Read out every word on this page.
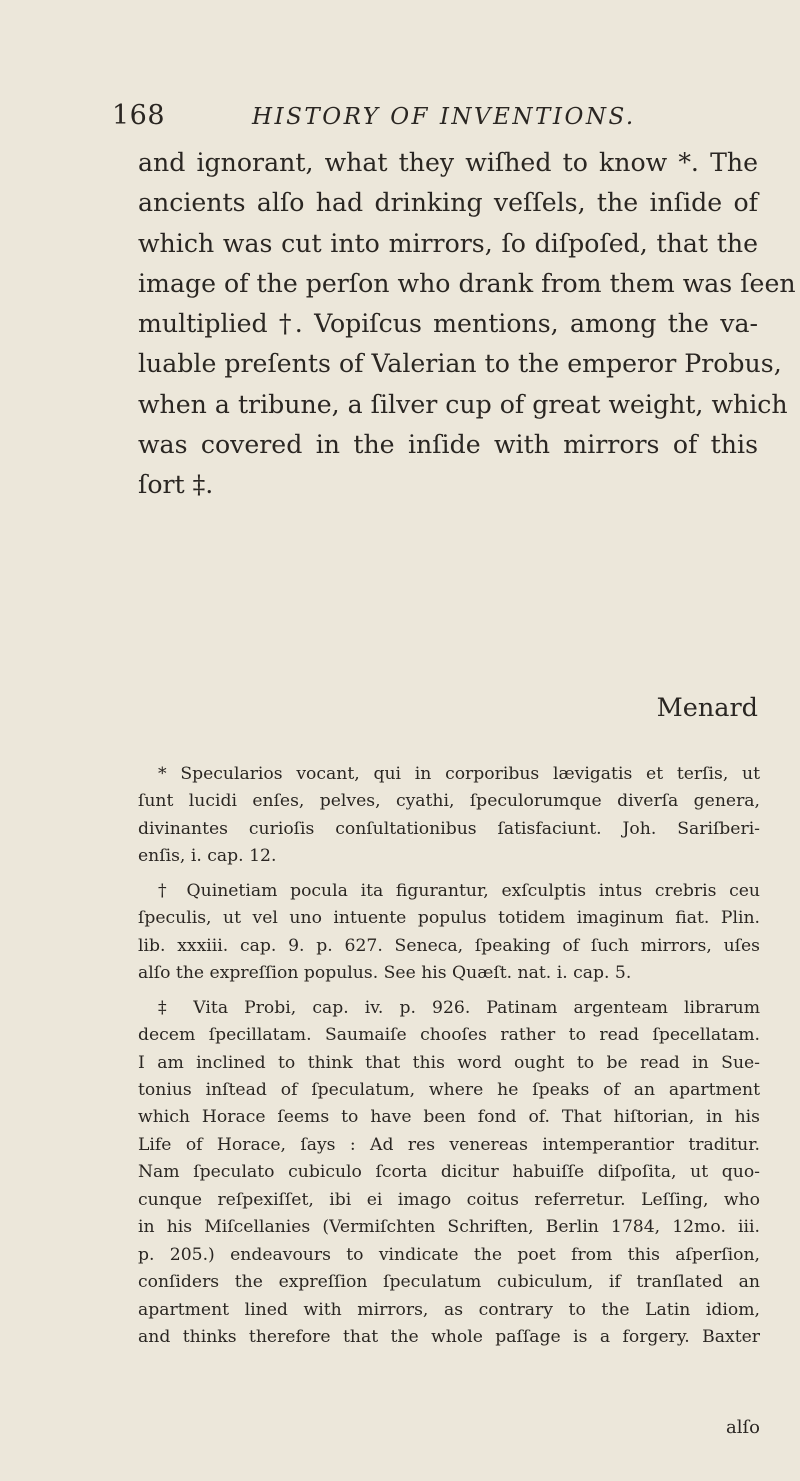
168	HISTORY OF INVENTIONS.
and ignorant, what they wiſhed to know *. The
ancients alſo had drinking veſſels, the inſide of
which was cut into mirrors, ſo diſpoſed, that the
image of the perſon who drank from them was ſeen
multiplied †. Vopiſcus mentions, among the va-
luable preſents of Valerian to the emperor Probus,
when a tribune, a ſilver cup of great weight, which
was covered in the inſide with mirrors of this
ſort ‡.
Menard
* Specularios vocant, qui in corporibus lævigatis et terſis, ut
ſunt lucidi enſes, pelves, cyathi, ſpeculorumque diverſa genera,
divinantes curioſis conſultationibus ſatisfaciunt. Joh. Sariſberi-
enſis, i. cap. 12.
† Quinetiam pocula ita figurantur, exſculptis intus crebris ceu
ſpeculis, ut vel uno intuente populus totidem imaginum fiat. Plin.
lib. xxxiii. cap. 9. p. 627. Seneca, ſpeaking of ſuch mirrors, uſes
alſo the expreſſion populus. See his Quæſt. nat. i. cap. 5.
‡ Vita Probi, cap. iv. p. 926. Patinam argenteam librarum
decem ſpecillatam. Saumaiſe chooſes rather to read ſpecellatam.
I am inclined to think that this word ought to be read in Sue-
tonius inſtead of ſpeculatum, where he ſpeaks of an apartment
which Horace ſeems to have been fond of. That hiſtorian, in his
Life of Horace, ſays : Ad res venereas intemperantior traditur.
Nam ſpeculato cubiculo ſcorta dicitur habuiſſe diſpoſita, ut quo-
cunque reſpexiſſet, ibi ei imago coitus referretur. Leſſing, who
in his Miſcellanies (Vermiſchten Schriften, Berlin 1784, 12mo. iii.
p. 205.) endeavours to vindicate the poet from this aſperſion,
conſiders the expreſſion ſpeculatum cubiculum, if tranſlated an
apartment lined with mirrors, as contrary to the Latin idiom,
and thinks therefore that the whole paſſage is a forgery. Baxter
alſo
